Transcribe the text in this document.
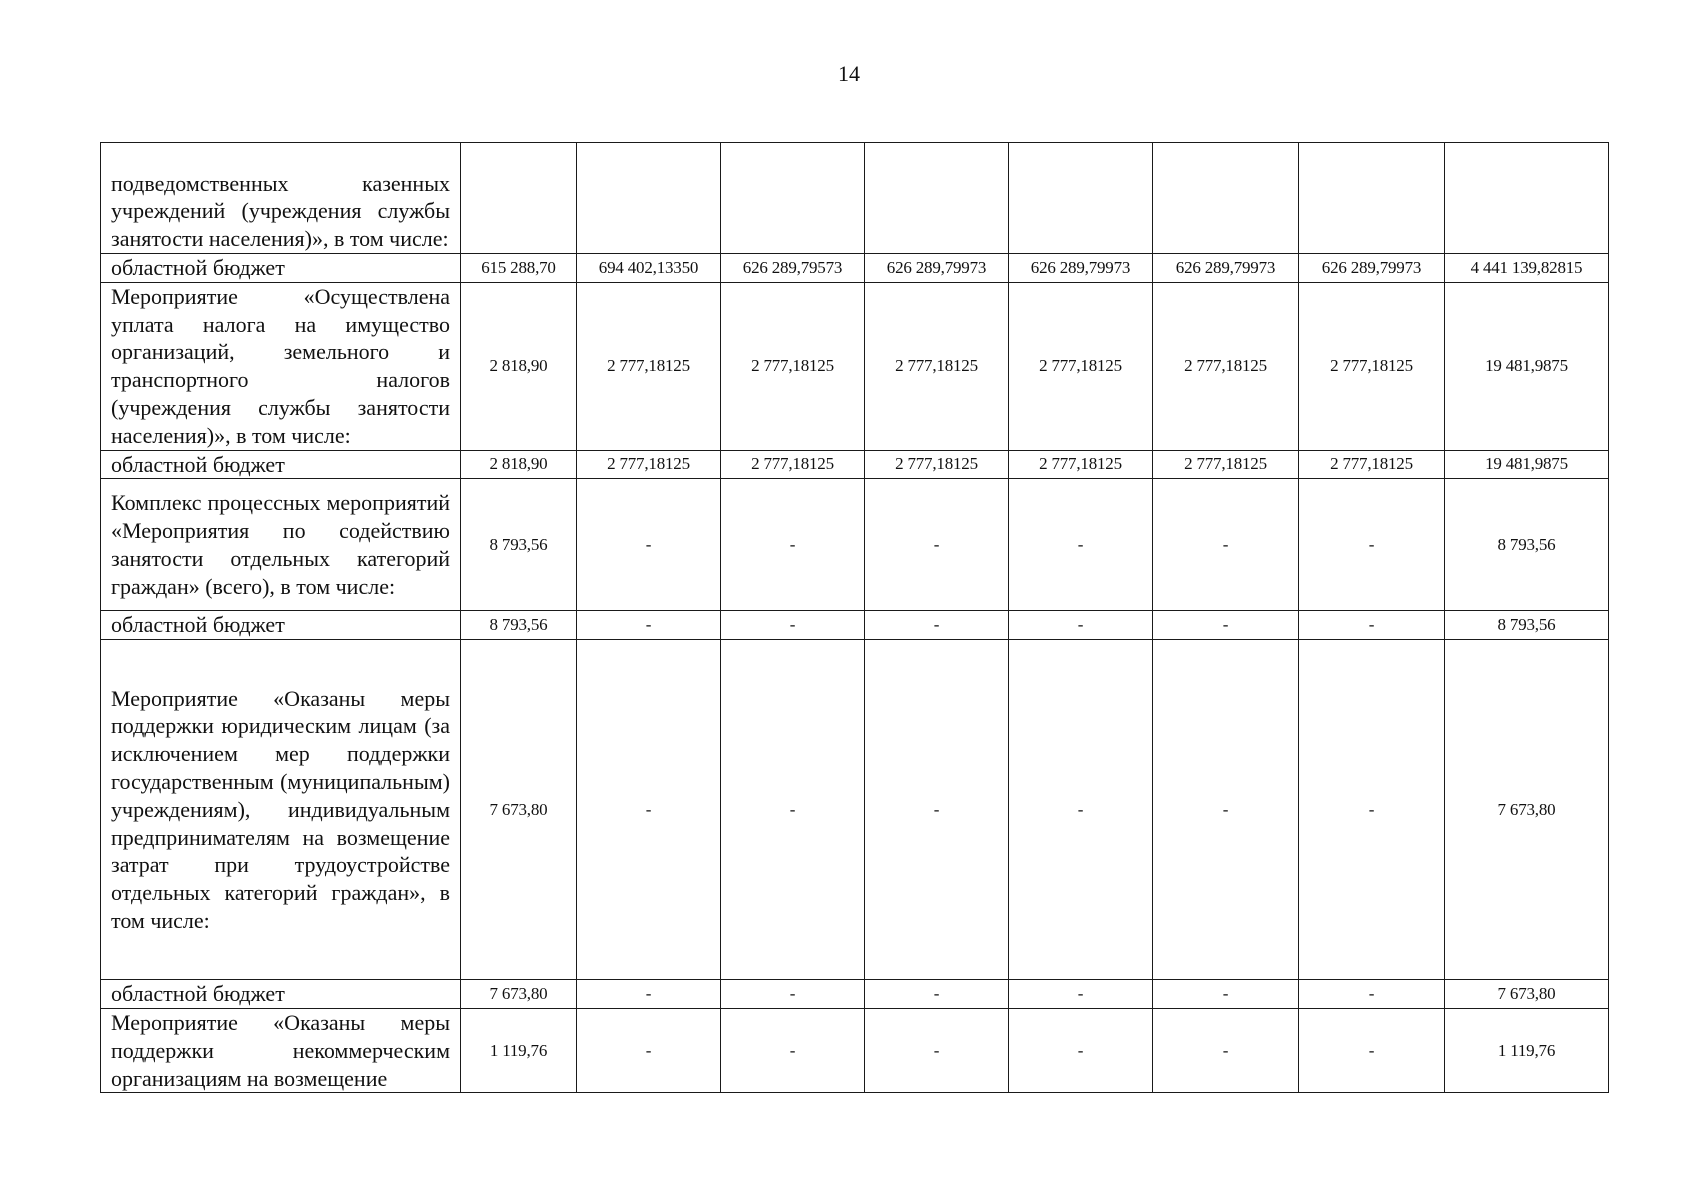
14
подведомственных казенных учреждений (учреждения службы занятости населения)», в том числе:								
областной бюджет	615 288,70	694 402,13350	626 289,79573	626 289,79973	626 289,79973	626 289,79973	626 289,79973	4 441 139,82815
Мероприятие «Осуществлена уплата налога на имущество организаций, земельного и транспортного налогов (учреждения службы занятости населения)», в том числе:	2 818,90	2 777,18125	2 777,18125	2 777,18125	2 777,18125	2 777,18125	2 777,18125	19 481,9875
областной бюджет	2 818,90	2 777,18125	2 777,18125	2 777,18125	2 777,18125	2 777,18125	2 777,18125	19 481,9875
Комплекс процессных мероприятий «Мероприятия по содействию занятости отдельных категорий граждан» (всего), в том числе:	8 793,56	-	-	-	-	-	-	8 793,56
областной бюджет	8 793,56	-	-	-	-	-	-	8 793,56
Мероприятие «Оказаны меры поддержки юридическим лицам (за исключением мер поддержки государственным (муниципальным) учреждениям), индивидуальным предпринимателям на возмещение затрат при трудоустройстве отдельных категорий граждан», в том числе:	7 673,80	-	-	-	-	-	-	7 673,80
областной бюджет	7 673,80	-	-	-	-	-	-	7 673,80
Мероприятие «Оказаны меры поддержки некоммерческим организациям на возмещение	1 119,76	-	-	-	-	-	-	1 119,76
